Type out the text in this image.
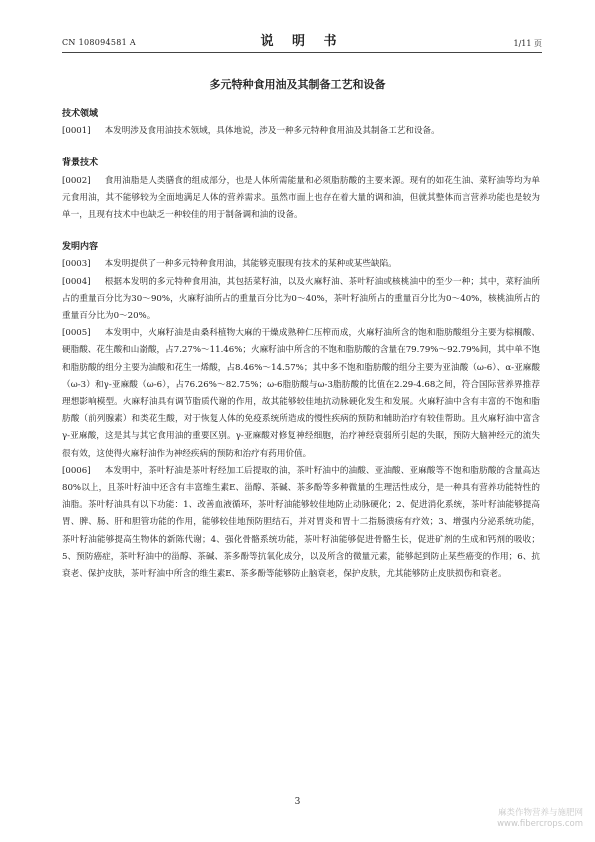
CN 108094581 A	说 明 书	1/11 页
多元特种食用油及其制备工艺和设备

技术领域

[0001] 本发明涉及食用油技术领域，具体地说，涉及一种多元特种食用油及其制备工艺和设备。

背景技术

[0002] 食用油脂是人类膳食的组成部分，也是人体所需能量和必须脂肪酸的主要来源。现有的如花生油、菜籽油等均为单元食用油，其不能够较为全面地满足人体的营养需求。虽然市面上也存在着大量的调和油，但就其整体而言营养功能也是较为单一，且现有技术中也缺乏一种较佳的用于制备调和油的设备。

发明内容

[0003] 本发明提供了一种多元特种食用油，其能够克服现有技术的某种或某些缺陷。

[0004] 根据本发明的多元特种食用油，其包括菜籽油，以及火麻籽油、茶叶籽油或核桃油中的至少一种；其中，菜籽油所占的重量百分比为30～90%，火麻籽油所占的重量百分比为0～40%，茶叶籽油所占的重量百分比为0～40%，核桃油所占的重量百分比为0～20%。

[0005] 本发明中，火麻籽油是由桑科植物大麻的干燥成熟种仁压榨而成，火麻籽油所含的饱和脂肪酸组分主要为棕榈酸、硬脂酸、花生酸和山嵛酸，占7.27%～11.46%；火麻籽油中所含的不饱和脂肪酸的含量在79.79%～92.79%间，其中单不饱和脂肪酸的组分主要为油酸和花生一烯酸，占8.46%～14.57%；其中多不饱和脂肪酸的组分主要为亚油酸（ω-6）、α-亚麻酸（ω-3）和γ-亚麻酸（ω-6），占76.26%～82.75%；ω-6脂肪酸与ω-3脂肪酸的比值在2.29-4.68之间，符合国际营养界推荐理想影响模型。火麻籽油具有调节脂质代谢的作用，故其能够较佳地抗动脉硬化发生和发展。火麻籽油中含有丰富的不饱和脂肪酸（前列腺素）和类花生酸，对于恢复人体的免疫系统所造成的慢性疾病的预防和辅助治疗有较佳帮助。且火麻籽油中富含γ-亚麻酸，这是其与其它食用油的重要区别。γ-亚麻酸对修复神经细胞，治疗神经衰弱所引起的失眠，预防大脑神经元的流失很有效，这使得火麻籽油作为神经疾病的预防和治疗有药用价值。

[0006] 本发明中，茶叶籽油是茶叶籽经加工后提取的油，茶叶籽油中的油酸、亚油酸、亚麻酸等不饱和脂肪酸的含量高达80%以上，且茶叶籽油中还含有丰富维生素E、甾醇、茶碱、茶多酚等多种微量的生理活性成分，是一种具有营养功能特性的油脂。茶叶籽油具有以下功能：1、改善血液循环，茶叶籽油能够较佳地防止动脉硬化；2、促进消化系统，茶叶籽油能够提高胃、脾、肠、肝和胆管功能的作用，能够较佳地预防胆结石，并对胃炎和胃十二指肠溃疡有疗效；3、增强内分泌系统功能，茶叶籽油能够提高生物体的新陈代谢；4、强化骨骼系统功能，茶叶籽油能够促进骨骼生长，促进矿剂的生成和钙剂的吸收；5、预防癌症，茶叶籽油中的甾醇、茶碱、茶多酚等抗氧化成分，以及所含的微量元素，能够起到防止某些癌变的作用；6、抗衰老、保护皮肤，茶叶籽油中所含的维生素E、茶多酚等能够防止脑衰老，保护皮肤，尤其能够防止皮肤损伤和衰老。

3
麻类作物营养与施肥网
www.fibercrops.com
